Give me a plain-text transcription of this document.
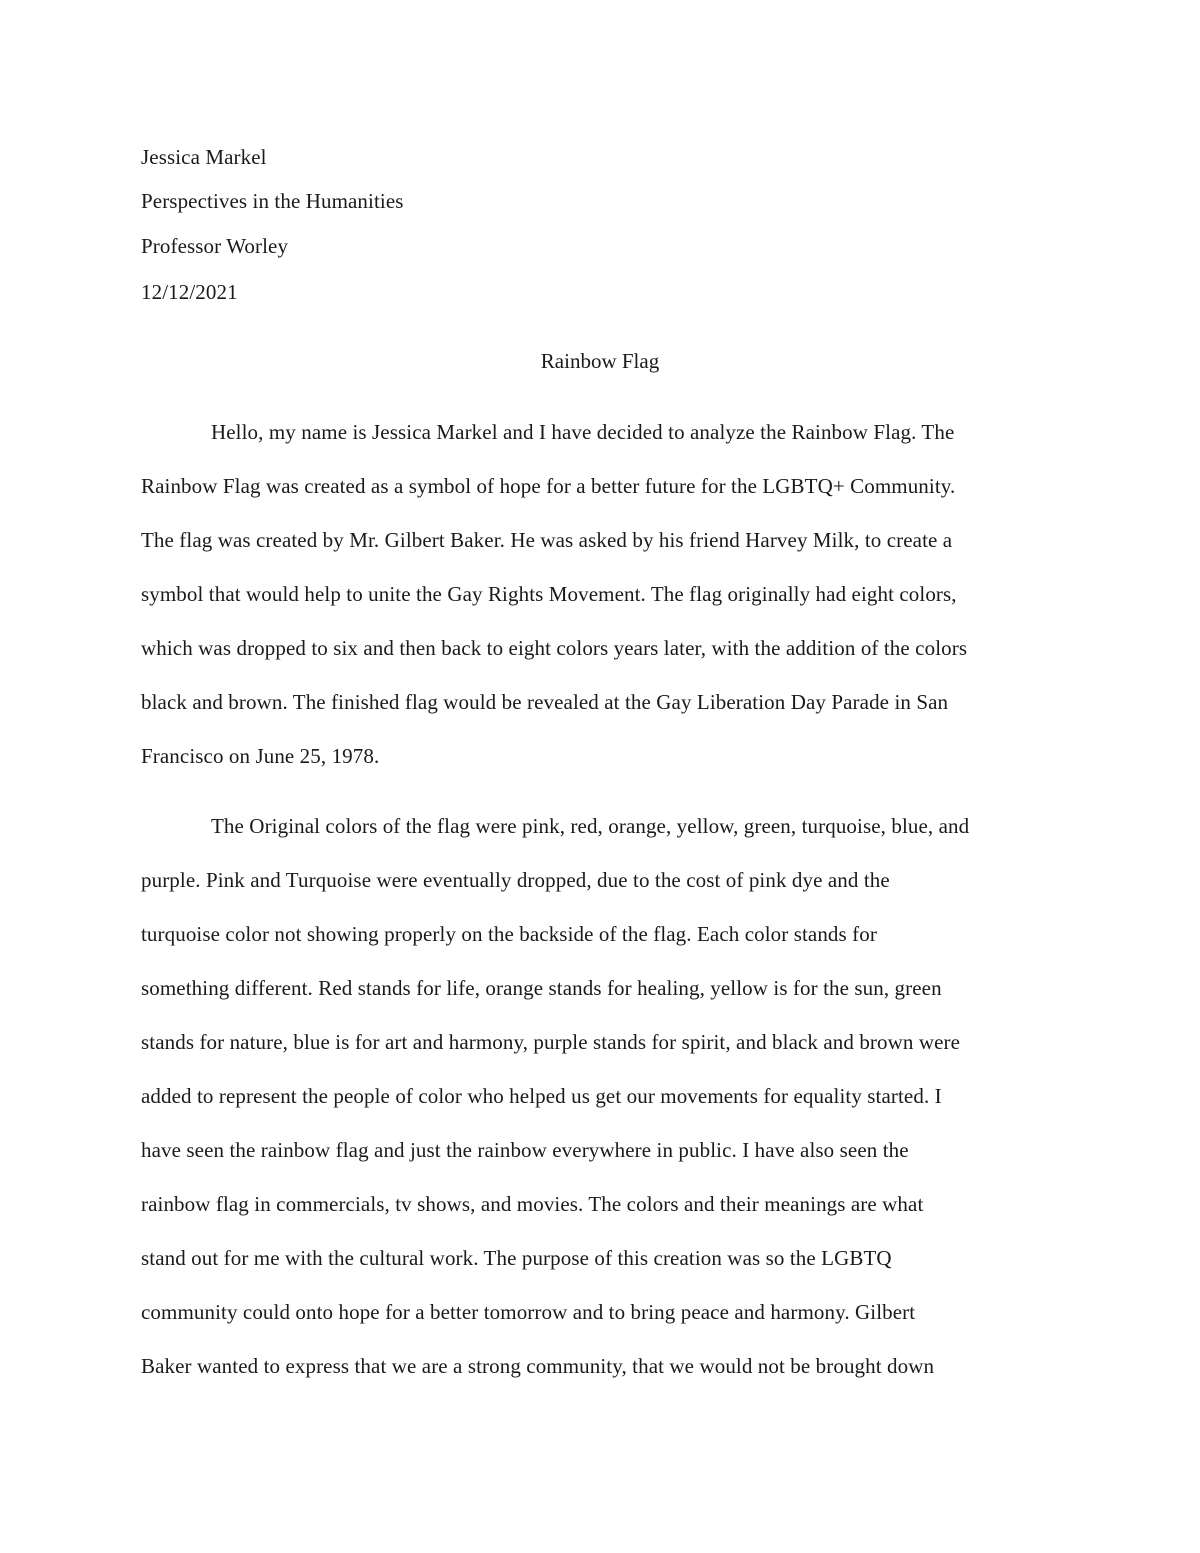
Jessica Markel
Perspectives in the Humanities
Professor Worley
12/12/2021
Rainbow Flag
Hello, my name is Jessica Markel and I have decided to analyze the Rainbow Flag. The
Rainbow Flag was created as a symbol of hope for a better future for the LGBTQ+ Community.
The flag was created by Mr. Gilbert Baker. He was asked by his friend Harvey Milk, to create a
symbol that would help to unite the Gay Rights Movement. The flag originally had eight colors,
which was dropped to six and then back to eight colors years later, with the addition of the colors
black and brown. The finished flag would be revealed at the Gay Liberation Day Parade in San
Francisco on June 25, 1978.
The Original colors of the flag were pink, red, orange, yellow, green, turquoise, blue, and
purple. Pink and Turquoise were eventually dropped, due to the cost of pink dye and the
turquoise color not showing properly on the backside of the flag. Each color stands for
something different. Red stands for life, orange stands for healing, yellow is for the sun, green
stands for nature, blue is for art and harmony, purple stands for spirit, and black and brown were
added to represent the people of color who helped us get our movements for equality started. I
have seen the rainbow flag and just the rainbow everywhere in public. I have also seen the
rainbow flag in commercials, tv shows, and movies. The colors and their meanings are what
stand out for me with the cultural work. The purpose of this creation was so the LGBTQ
community could onto hope for a better tomorrow and to bring peace and harmony. Gilbert
Baker wanted to express that we are a strong community, that we would not be brought down
